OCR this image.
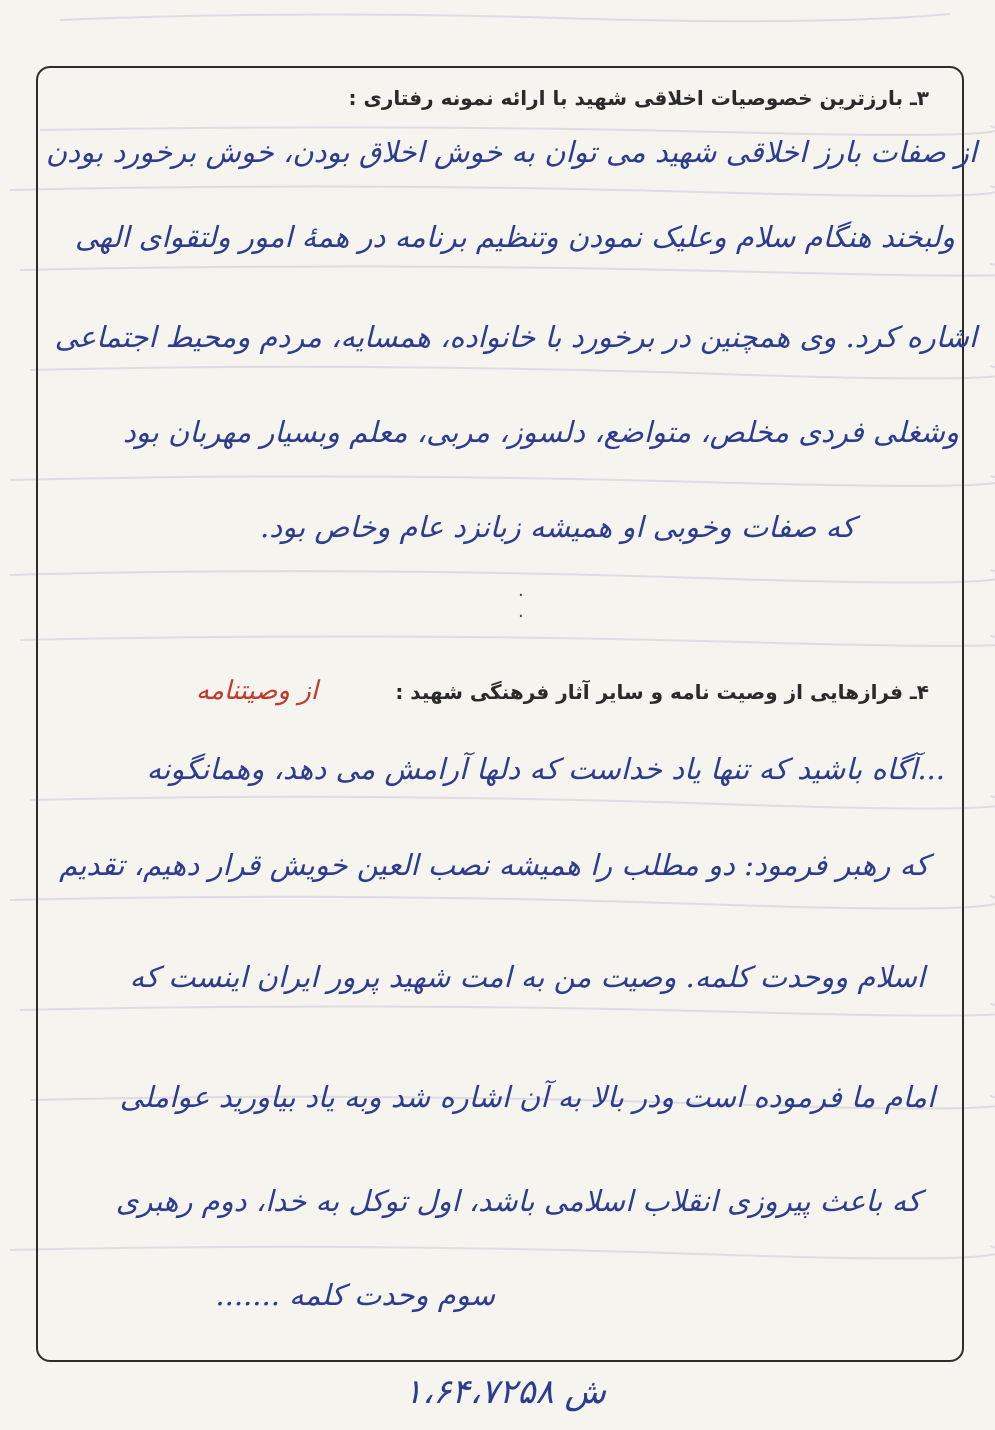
۳ـ بارزترین خصوصیات اخلاقی شهید با ارائه نمونه رفتاری :
از صفات بارز اخلاقی شهید می توان به خوش اخلاق بودن، خوش برخورد بودن
ولبخند هنگام سلام وعلیک نمودن وتنظیم برنامه در همهٔ امور ولتقوای الهی
اشاره کرد. وی همچنین در برخورد با خانواده، همسایه، مردم ومحیط اجتماعی
وشغلی فردی مخلص، متواضع، دلسوز، مربی، معلم وبسیار مهربان بود
که صفات وخوبی او همیشه زبانزد عام وخاص بود.
·
·
۴ـ فرازهایی از وصیت نامه و سایر آثار فرهنگی شهید :
از وصیتنامه
...آگاه باشید که تنها یاد خداست که دلها آرامش می دهد، وهمانگونه
که رهبر فرمود: دو مطلب را همیشه نصب العین خویش قرار دهیم، تقدیم
اسلام ووحدت کلمه. وصیت من به امت شهید پرور ایران اینست که
امام ما فرموده است ودر بالا به آن اشاره شد وبه یاد بیاورید عواملی
که باعث پیروزی انقلاب اسلامی باشد، اول توکل به خدا، دوم رهبری
سوم وحدت کلمه .......
۱،۶۴،۷۲۵۸ ش
